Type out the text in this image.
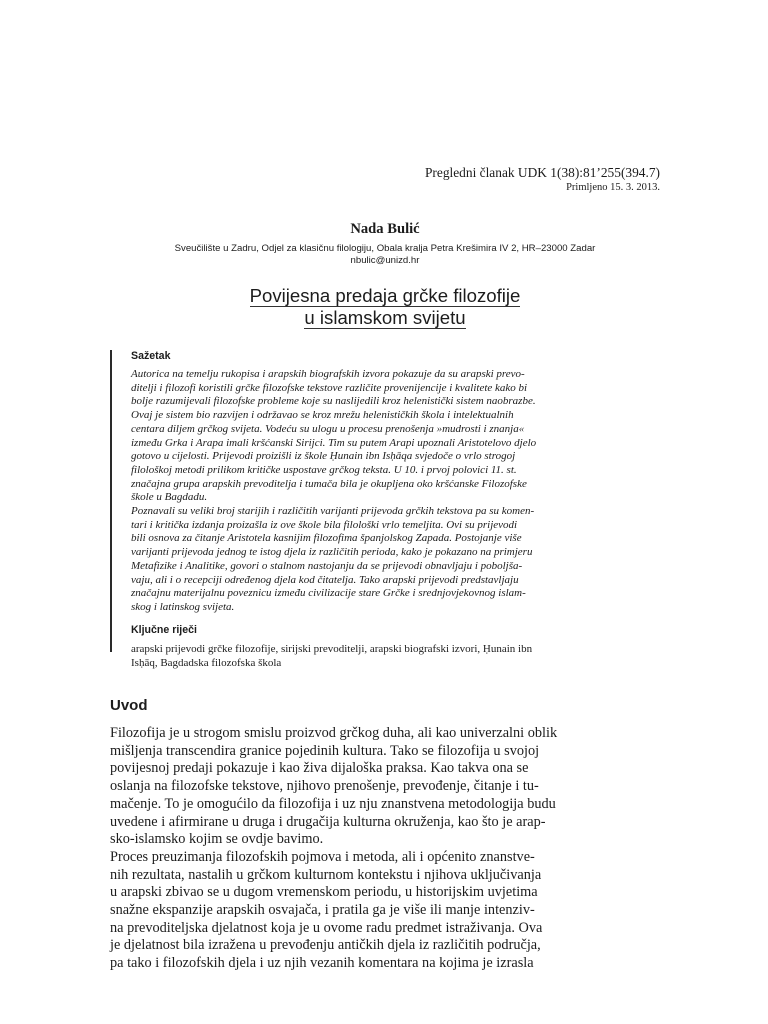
Pregledni članak UDK 1(38):81’255(394.7)
Primljeno 15. 3. 2013.
Nada Bulić
Sveučilište u Zadru, Odjel za klasičnu filologiju, Obala kralja Petra Krešimira IV 2, HR–23000 Zadar
nbulic@unizd.hr
Povijesna predaja grčke filozofije
u islamskom svijetu
Sažetak

Autorica na temelju rukopisa i arapskih biografskih izvora pokazuje da su arapski prevo-
ditelji i filozofi koristili grčke filozofske tekstove različite provenijencije i kvalitete kako bi
bolje razumijevali filozofske probleme koje su naslijedili kroz helenistički sistem naobrazbe.
Ovaj je sistem bio razvijen i održavao se kroz mrežu helenističkih škola i intelektualnih
centara diljem grčkog svijeta. Vodeću su ulogu u procesu prenošenja »mudrosti i znanja«
između Grka i Arapa imali kršćanski Sirijci. Tim su putem Arapi upoznali Aristotelovo djelo
gotovo u cijelosti. Prijevodi proizišli iz škole Ḥunain ibn Isḥāqa svjedoče o vrlo strogoj
filološkoj metodi prilikom kritičke uspostave grčkog teksta. U 10. i prvoj polovici 11. st.
značajna grupa arapskih prevoditelja i tumača bila je okupljena oko kršćanske Filozofske
škole u Bagdadu.

Poznavali su veliki broj starijih i različitih varijanti prijevoda grčkih tekstova pa su komen-
tari i kritička izdanja proizašla iz ove škole bila filološki vrlo temeljita. Ovi su prijevodi
bili osnova za čitanje Aristotela kasnijim filozofima španjolskog Zapada. Postojanje više
varijanti prijevoda jednog te istog djela iz različitih perioda, kako je pokazano na primjeru
Metafizike i Analitike, govori o stalnom nastojanju da se prijevodi obnavljaju i poboljša-
vaju, ali i o recepciji određenog djela kod čitatelja. Tako arapski prijevodi predstavljaju
značajnu materijalnu poveznicu između civilizacije stare Grčke i srednjovjekovnog islam-
skog i latinskog svijeta.

Ključne riječi

arapski prijevodi grčke filozofije, sirijski prevoditelji, arapski biografski izvori, Ḥunain ibn
Isḥāq, Bagdadska filozofska škola

Uvod

Filozofija je u strogom smislu proizvod grčkog duha, ali kao univerzalni oblik
mišljenja transcendira granice pojedinih kultura. Tako se filozofija u svojoj
povijesnoj predaji pokazuje i kao živa dijaloška praksa. Kao takva ona se
oslanja na filozofske tekstove, njihovo prenošenje, prevođenje, čitanje i tu-
mačenje. To je omogućilo da filozofija i uz nju znanstvena metodologija budu
uvedene i afirmirane u druga i drugačija kulturna okruženja, kao što je arap-
sko-islamsko kojim se ovdje bavimo.

Proces preuzimanja filozofskih pojmova i metoda, ali i općenito znanstve-
nih rezultata, nastalih u grčkom kulturnom kontekstu i njihova uključivanja
u arapski zbivao se u dugom vremenskom periodu, u historijskim uvjetima
snažne ekspanzije arapskih osvajača, i pratila ga je više ili manje intenziv-
na prevoditeljska djelatnost koja je u ovome radu predmet istraživanja. Ova
je djelatnost bila izražena u prevođenju antičkih djela iz različitih područja,
pa tako i filozofskih djela i uz njih vezanih komentara na kojima je izrasla
